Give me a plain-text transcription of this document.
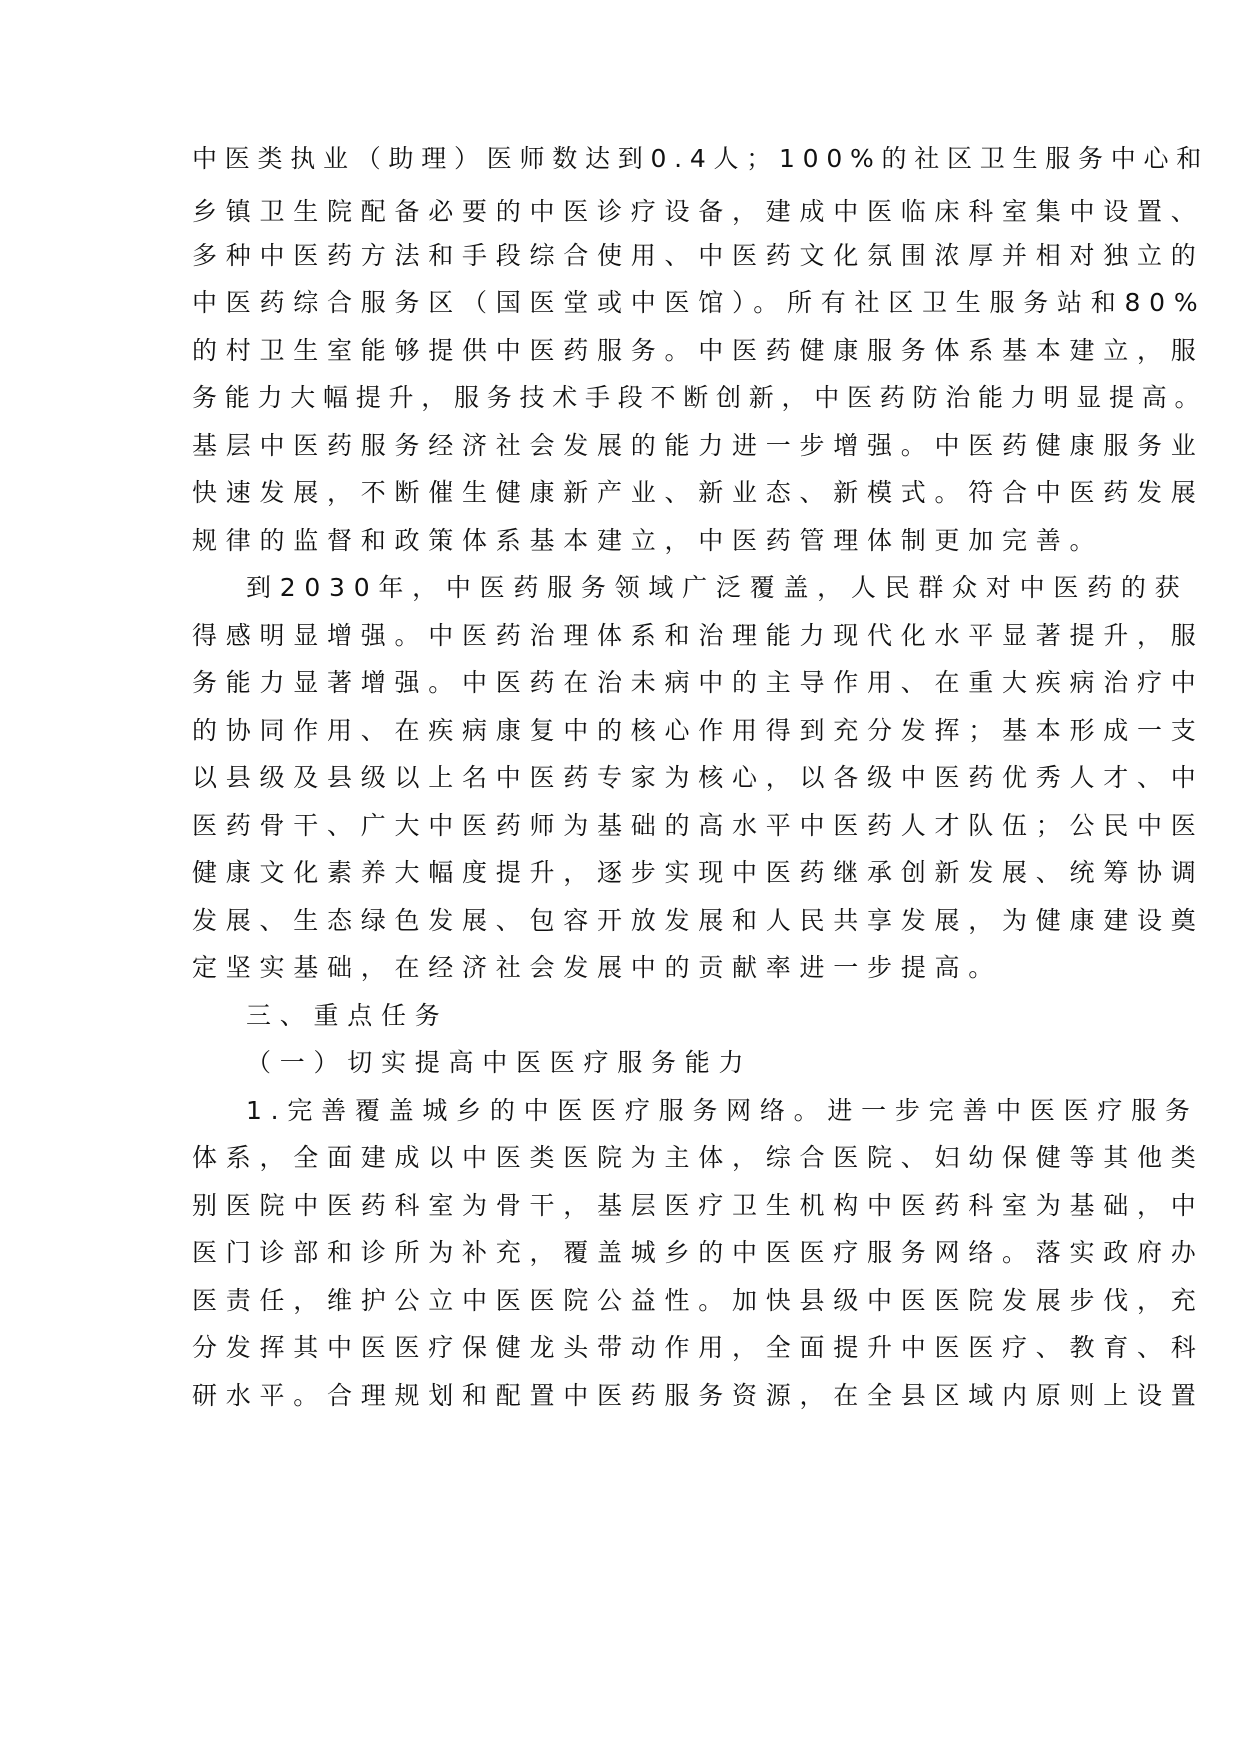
中医类执业（助理）医师数达到0.4人；100%的社区卫生服务中心和
乡镇卫生院配备必要的中医诊疗设备，建成中医临床科室集中设置、
多种中医药方法和手段综合使用、中医药文化氛围浓厚并相对独立的
中医药综合服务区（国医堂或中医馆）。所有社区卫生服务站和80%
的村卫生室能够提供中医药服务。中医药健康服务体系基本建立，服
务能力大幅提升，服务技术手段不断创新，中医药防治能力明显提高。
基层中医药服务经济社会发展的能力进一步增强。中医药健康服务业
快速发展，不断催生健康新产业、新业态、新模式。符合中医药发展
规律的监督和政策体系基本建立，中医药管理体制更加完善。
到2030年，中医药服务领域广泛覆盖，人民群众对中医药的获
得感明显增强。中医药治理体系和治理能力现代化水平显著提升，服
务能力显著增强。中医药在治未病中的主导作用、在重大疾病治疗中
的协同作用、在疾病康复中的核心作用得到充分发挥；基本形成一支
以县级及县级以上名中医药专家为核心，以各级中医药优秀人才、中
医药骨干、广大中医药师为基础的高水平中医药人才队伍；公民中医
健康文化素养大幅度提升，逐步实现中医药继承创新发展、统筹协调
发展、生态绿色发展、包容开放发展和人民共享发展，为健康建设奠
定坚实基础，在经济社会发展中的贡献率进一步提高。
三、重点任务
（一）切实提高中医医疗服务能力
1.完善覆盖城乡的中医医疗服务网络。进一步完善中医医疗服务
体系，全面建成以中医类医院为主体，综合医院、妇幼保健等其他类
别医院中医药科室为骨干，基层医疗卫生机构中医药科室为基础，中
医门诊部和诊所为补充，覆盖城乡的中医医疗服务网络。落实政府办
医责任，维护公立中医医院公益性。加快县级中医医院发展步伐，充
分发挥其中医医疗保健龙头带动作用，全面提升中医医疗、教育、科
研水平。合理规划和配置中医药服务资源，在全县区域内原则上设置
